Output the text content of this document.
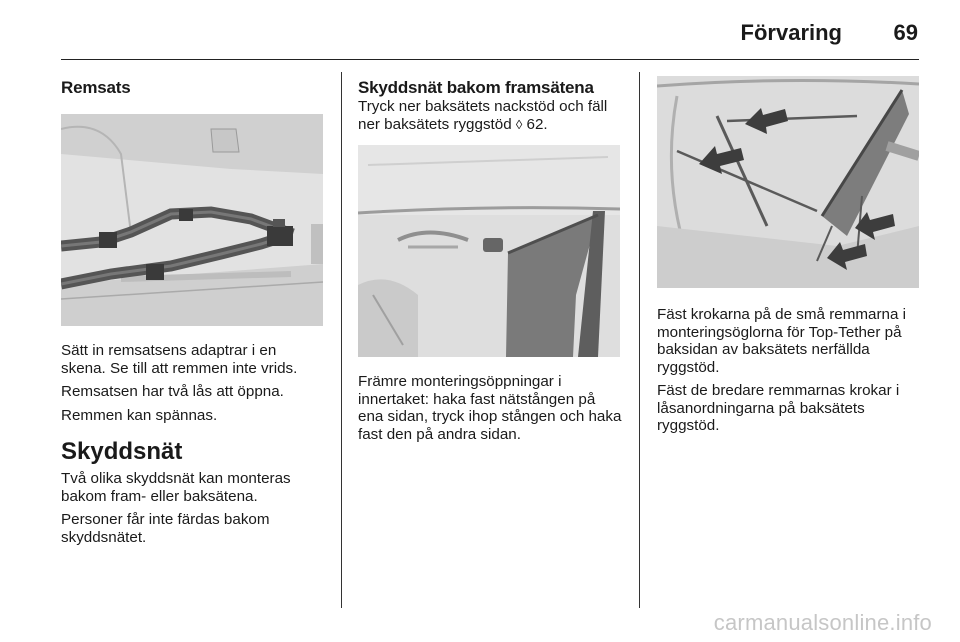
Förvaring 69
Remsats

Sätt in remsatsens adaptrar i en skena. Se till att remmen inte vrids.

Remsatsen har två lås att öppna.

Remmen kan spännas.

Skyddsnät

Två olika skyddsnät kan monteras bakom fram- eller baksätena.

Personer får inte färdas bakom skyddsnätet.

Skyddsnät bakom framsätena

Tryck ner baksätets nackstöd och fäll ner baksätets ryggstöd ◊ 62.

Främre monteringsöppningar i innertaket: haka fast nätstången på ena sidan, tryck ihop stången och haka fast den på andra sidan.

Fäst krokarna på de små remmarna i monteringsöglorna för Top-Tether på baksidan av baksätets nerfällda ryggstöd.

Fäst de bredare remmarnas krokar i låsanordningarna på baksätets ryggstöd.

carmanualsonline.info
